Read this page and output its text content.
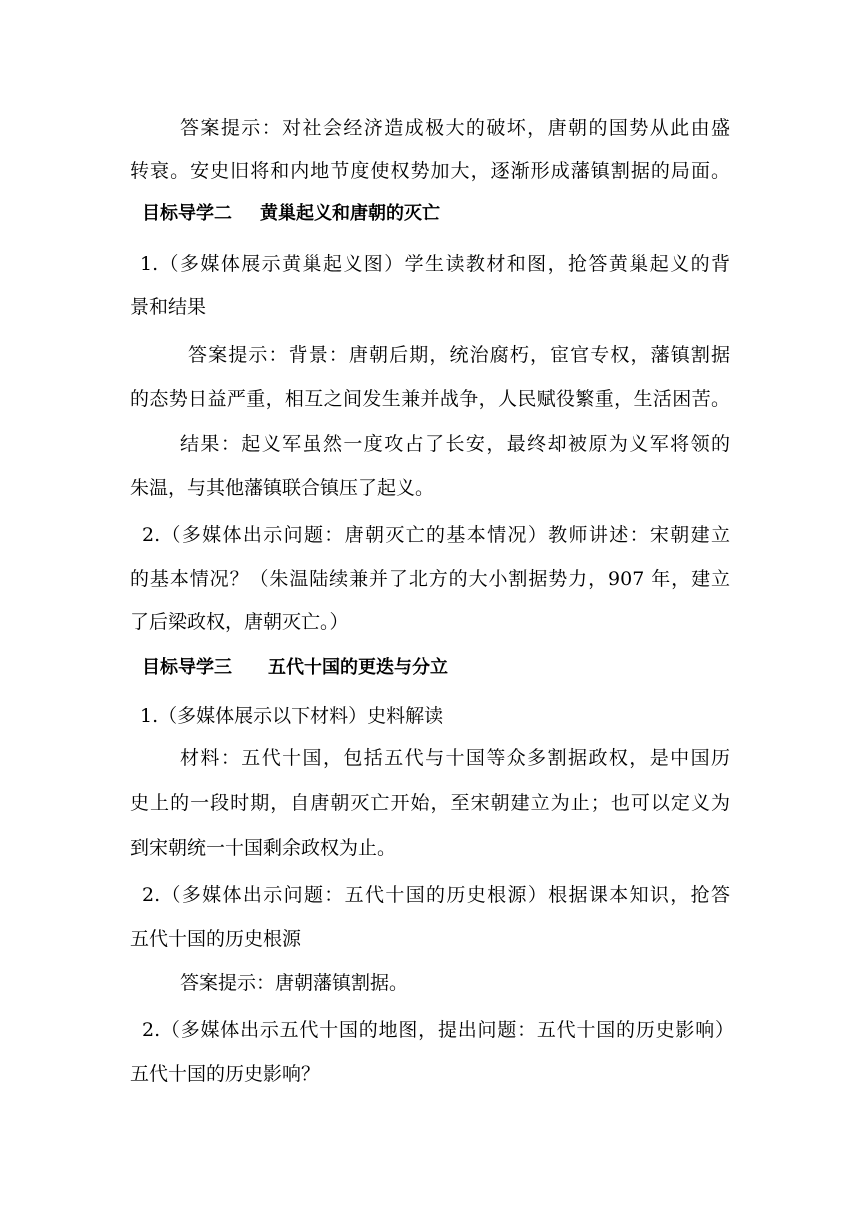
答案提示：对社会经济造成极大的破坏，唐朝的国势从此由盛
转衰。安史旧将和内地节度使权势加大，逐渐形成藩镇割据的局面。
目标导学二 黄巢起义和唐朝的灭亡
1.（多媒体展示黄巢起义图）学生读教材和图，抢答黄巢起义的背
景和结果
答案提示：背景：唐朝后期，统治腐朽，宦官专权，藩镇割据
的态势日益严重，相互之间发生兼并战争，人民赋役繁重，生活困苦。
结果：起义军虽然一度攻占了长安，最终却被原为义军将领的
朱温，与其他藩镇联合镇压了起义。
2.（多媒体出示问题：唐朝灭亡的基本情况）教师讲述：宋朝建立
的基本情况？（朱温陆续兼并了北方的大小割据势力，907 年，建立
了后梁政权，唐朝灭亡。）
目标导学三 五代十国的更迭与分立
1.（多媒体展示以下材料）史料解读
材料：五代十国，包括五代与十国等众多割据政权，是中国历
史上的一段时期，自唐朝灭亡开始，至宋朝建立为止；也可以定义为
到宋朝统一十国剩余政权为止。
2.（多媒体出示问题：五代十国的历史根源）根据课本知识，抢答
五代十国的历史根源
答案提示：唐朝藩镇割据。
2.（多媒体出示五代十国的地图，提出问题：五代十国的历史影响）
五代十国的历史影响？
